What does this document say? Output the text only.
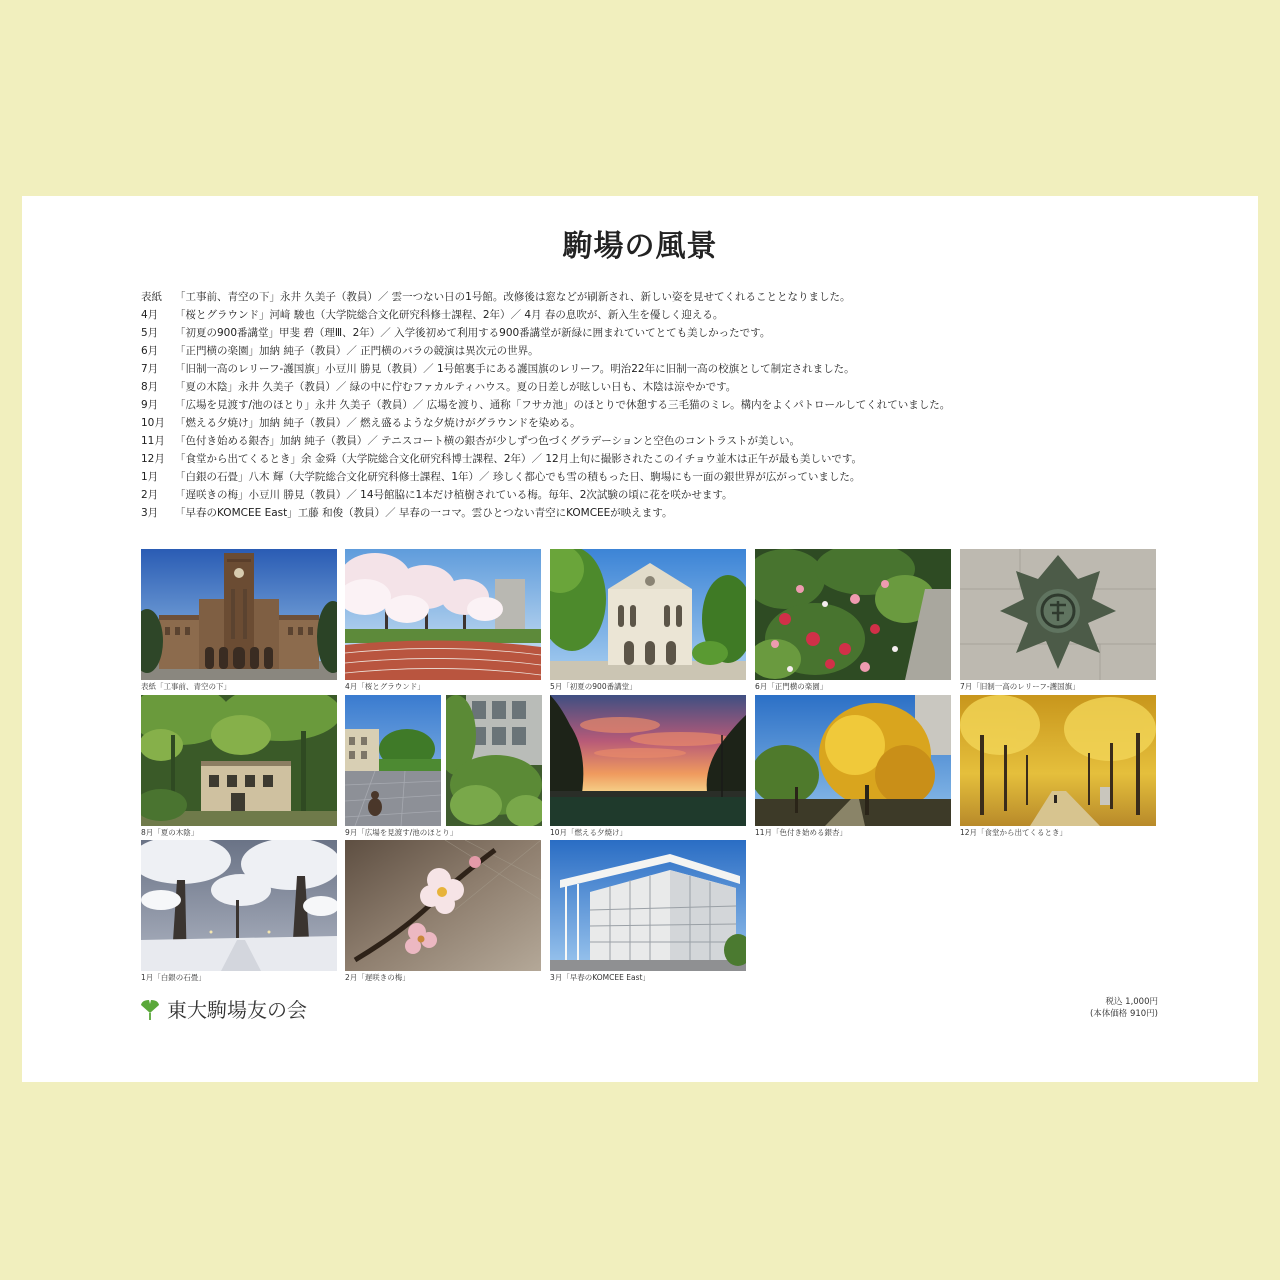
駒場の風景
表紙 「工事前、青空の下」永井 久美子（教員）／ 雲一つない日の1号館。改修後は窓などが刷新され、新しい姿を見せてくれることとなりました。
4月 「桜とグラウンド」河﨑 駿也（大学院総合文化研究科修士課程、2年）／ 4月 春の息吹が、新入生を優しく迎える。
5月 「初夏の900番講堂」甲斐 碧（理Ⅲ、2年）／ 入学後初めて利用する900番講堂が新緑に囲まれていてとても美しかったです。
6月 「正門横の楽園」加納 純子（教員）／ 正門横のバラの競演は異次元の世界。
7月 「旧制一高のレリーフ-護国旗」小豆川 勝見（教員）／ 1号館裏手にある護国旗のレリーフ。明治22年に旧制一高の校旗として制定されました。
8月 「夏の木陰」永井 久美子（教員）／ 緑の中に佇むファカルティハウス。夏の日差しが眩しい日も、木陰は涼やかです。
9月 「広場を見渡す/池のほとり」永井 久美子（教員）／ 広場を渡り、通称「フサカ池」のほとりで休憩する三毛猫のミレ。構内をよくパトロールしてくれていました。
10月 「燃える夕焼け」加納 純子（教員）／ 燃え盛るような夕焼けがグラウンドを染める。
11月 「色付き始める銀杏」加納 純子（教員）／ テニスコート横の銀杏が少しずつ色づくグラデーションと空色のコントラストが美しい。
12月 「食堂から出てくるとき」余 金舜（大学院総合文化研究科博士課程、2年）／ 12月上旬に撮影されたこのイチョウ並木は正午が最も美しいです。
1月 「白銀の石畳」八木 輝（大学院総合文化研究科修士課程、1年）／ 珍しく都心でも雪の積もった日、駒場にも一面の銀世界が広がっていました。
2月 「遅咲きの梅」小豆川 勝見（教員）／ 14号館脇に1本だけ植樹されている梅。毎年、2次試験の頃に花を咲かせます。
3月 「早春のKOMCEE East」工藤 和俊（教員）／ 早春の一コマ。雲ひとつない青空にKOMCEEが映えます。
表紙「工事前、青空の下」	4月「桜とグラウンド」	5月「初夏の900番講堂」	6月「正門横の楽園」	7月「旧制一高のレリーフ-護国旗」
8月「夏の木陰」	9月「広場を見渡す/池のほとり」	10月「燃える夕焼け」	11月「色付き始める銀杏」	12月「食堂から出てくるとき」
1月「白銀の石畳」	2月「遅咲きの梅」	3月「早春のKOMCEE East」
東大駒場友の会	税込 1,000円
(本体価格 910円)
